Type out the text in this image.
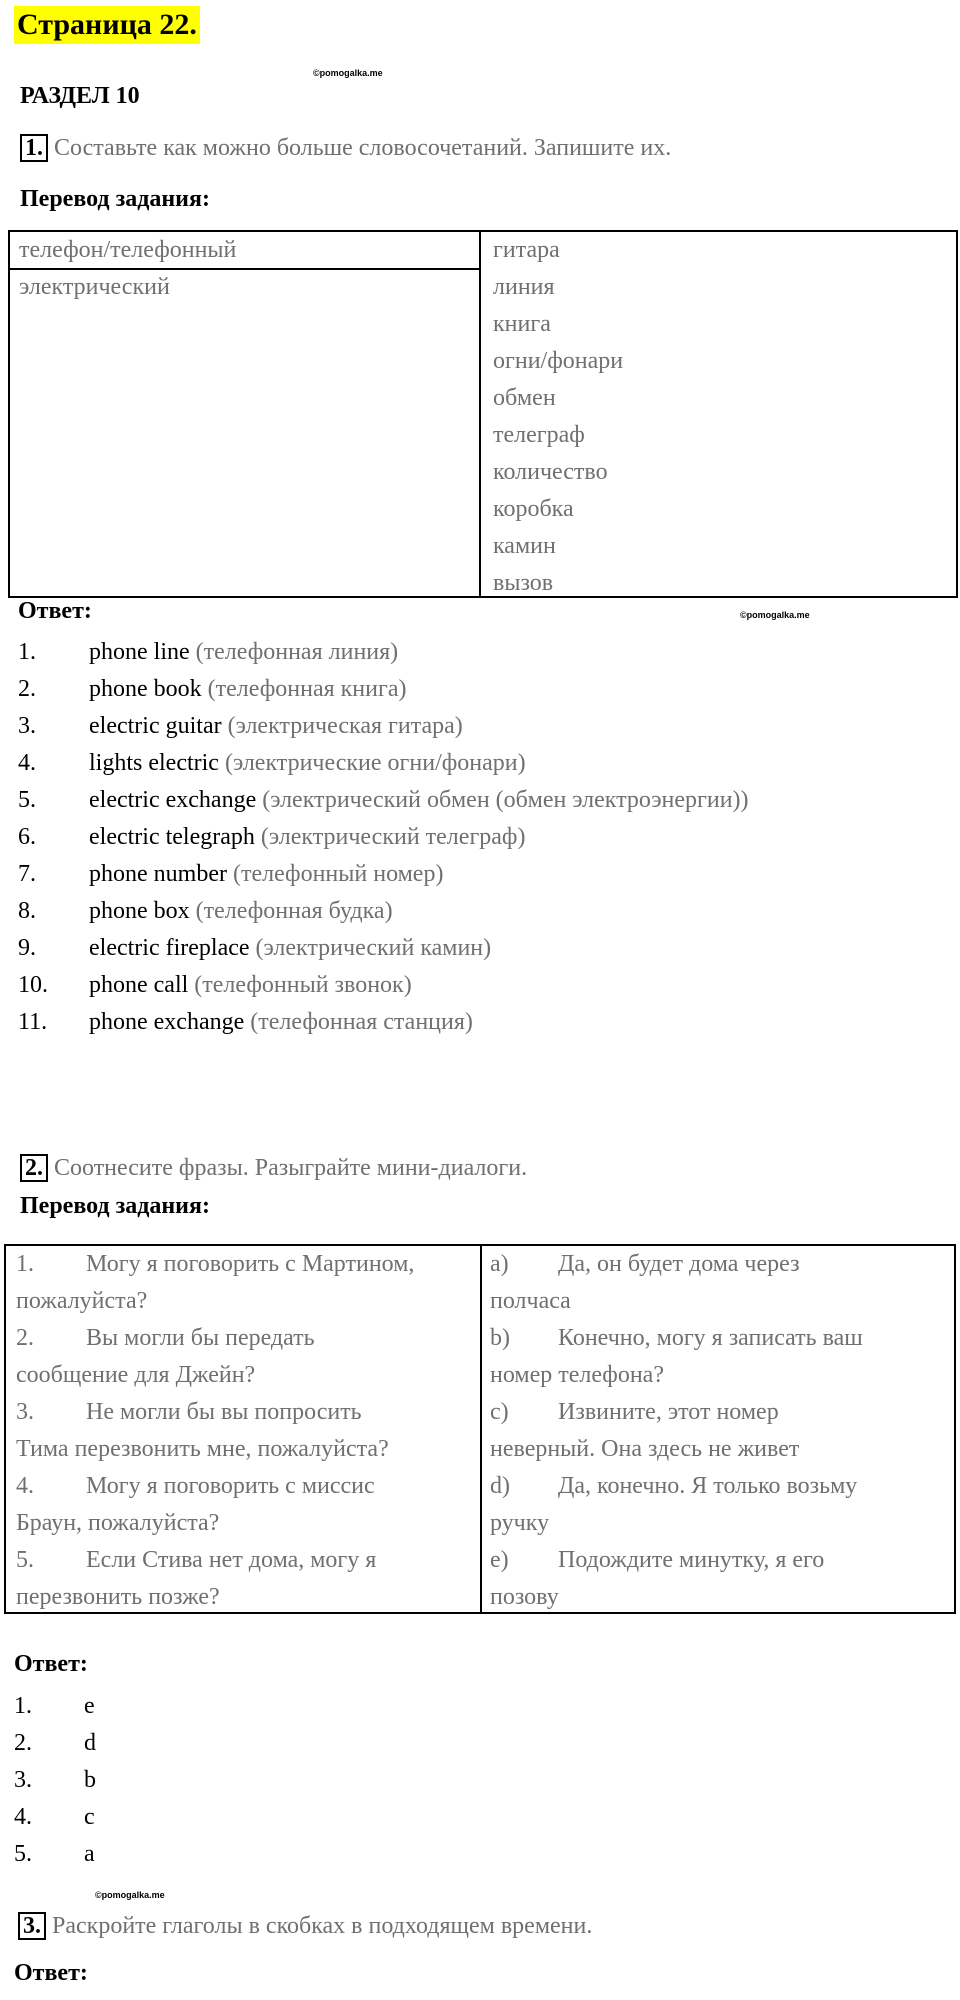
Страница 22.
©pomogalka.me
РАЗДЕЛ 10
1. Составьте как можно больше словосочетаний. Запишите их.
Перевод задания:
телефон/телефонный
электрический
гитара
линия
книга
огни/фонари
обмен
телеграф
количество
коробка
камин
вызов
Ответ:	©pomogalka.me
1. phone line (телефонная линия)
2. phone book (телефонная книга)
3. electric guitar (электрическая гитара)
4. lights electric (электрические огни/фонари)
5. electric exchange (электрический обмен (обмен электроэнергии))
6. electric telegraph (электрический телеграф)
7. phone number (телефонный номер)
8. phone box (телефонная будка)
9. electric fireplace (электрический камин)
10. phone call (телефонный звонок)
11. phone exchange (телефонная станция)
2. Соотнесите фразы. Разыграйте мини-диалоги.
Перевод задания:
1. Могу я поговорить с Мартином,
пожалуйста?
2. Вы могли бы передать
сообщение для Джейн?
3. Не могли бы вы попросить
Тима перезвонить мне, пожалуйста?
4. Могу я поговорить с миссис
Браун, пожалуйста?
5. Если Стива нет дома, могу я
перезвонить позже?
a) Да, он будет дома через
полчаса
b) Конечно, могу я записать ваш
номер телефона?
c) Извините, этот номер
неверный. Она здесь не живет
d) Да, конечно. Я только возьму
ручку
e) Подождите минутку, я его
позову
Ответ:
1. e
2. d
3. b
4. c
5. a
©pomogalka.me
3. Раскройте глаголы в скобках в подходящем времени.
Ответ:
